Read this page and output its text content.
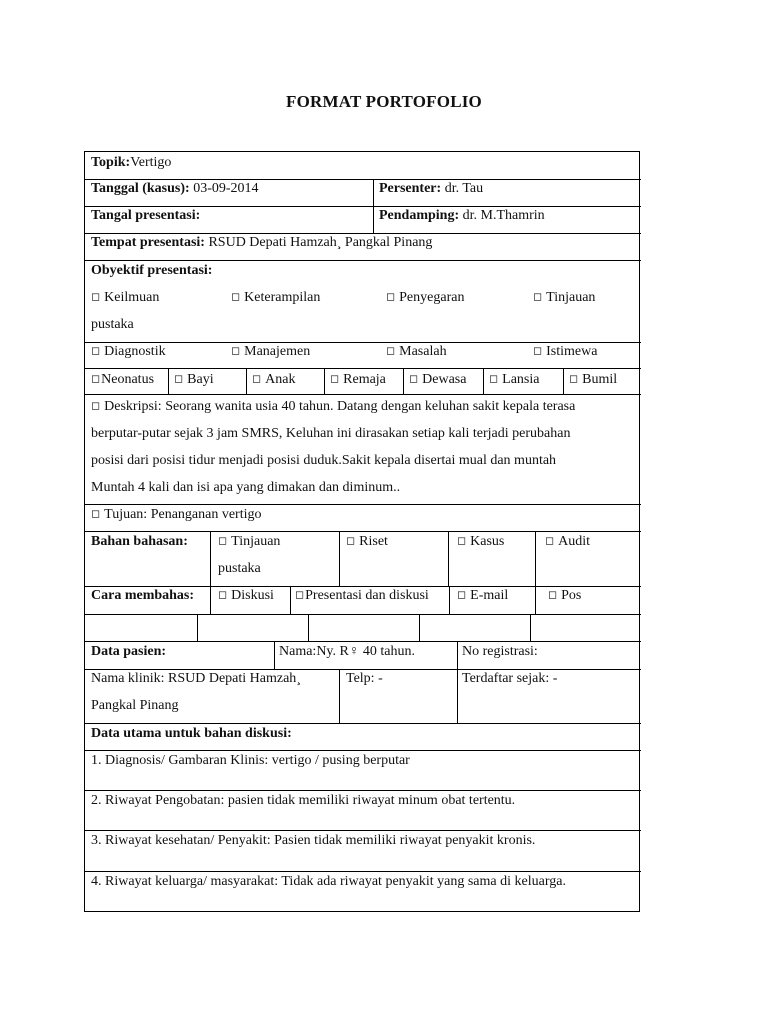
FORMAT PORTOFOLIO
Topik:Vertigo
Tanggal (kasus): 03-09-2014	Persenter: dr. Tau
Tangal presentasi:	Pendamping: dr. M.Thamrin
Tempat presentasi: RSUD Depati Hamzah¸ Pangkal Pinang
Obyektif presentasi:
◻ Keilmuan	◻ Keterampilan	◻ Penyegaran	◻ Tinjauan
pustaka
◻ Diagnostik	◻ Manajemen	◻ Masalah	◻ Istimewa
◻Neonatus ◻ Bayi	◻ Anak	◻ Remaja ◻ Dewasa ◻ Lansia	◻ Bumil
◻ Deskripsi: Seorang wanita usia 40 tahun. Datang dengan keluhan sakit kepala terasa
berputar-putar sejak 3 jam SMRS, Keluhan ini dirasakan setiap kali terjadi perubahan
posisi dari posisi tidur menjadi posisi duduk.Sakit kepala disertai mual dan muntah
Muntah 4 kali dan isi apa yang dimakan dan diminum..
◻ Tujuan: Penanganan vertigo
Bahan bahasan:	◻ Tinjauan
pustaka
◻ Riset	◻ Kasus	◻ Audit
Cara membahas: ◻ Diskusi ◻Presentasi dan diskusi	◻ E-mail	◻ Pos
Data pasien:	Nama:Ny. R♀ 40 tahun.	No registrasi:
Nama klinik: RSUD Depati Hamzah¸
Pangkal Pinang
Telp: -	Terdaftar sejak: -
Data utama untuk bahan diskusi:
1. Diagnosis/ Gambaran Klinis: vertigo / pusing berputar
2. Riwayat Pengobatan: pasien tidak memiliki riwayat minum obat tertentu.
3. Riwayat kesehatan/ Penyakit: Pasien tidak memiliki riwayat penyakit kronis.
4. Riwayat keluarga/ masyarakat: Tidak ada riwayat penyakit yang sama di keluarga.
